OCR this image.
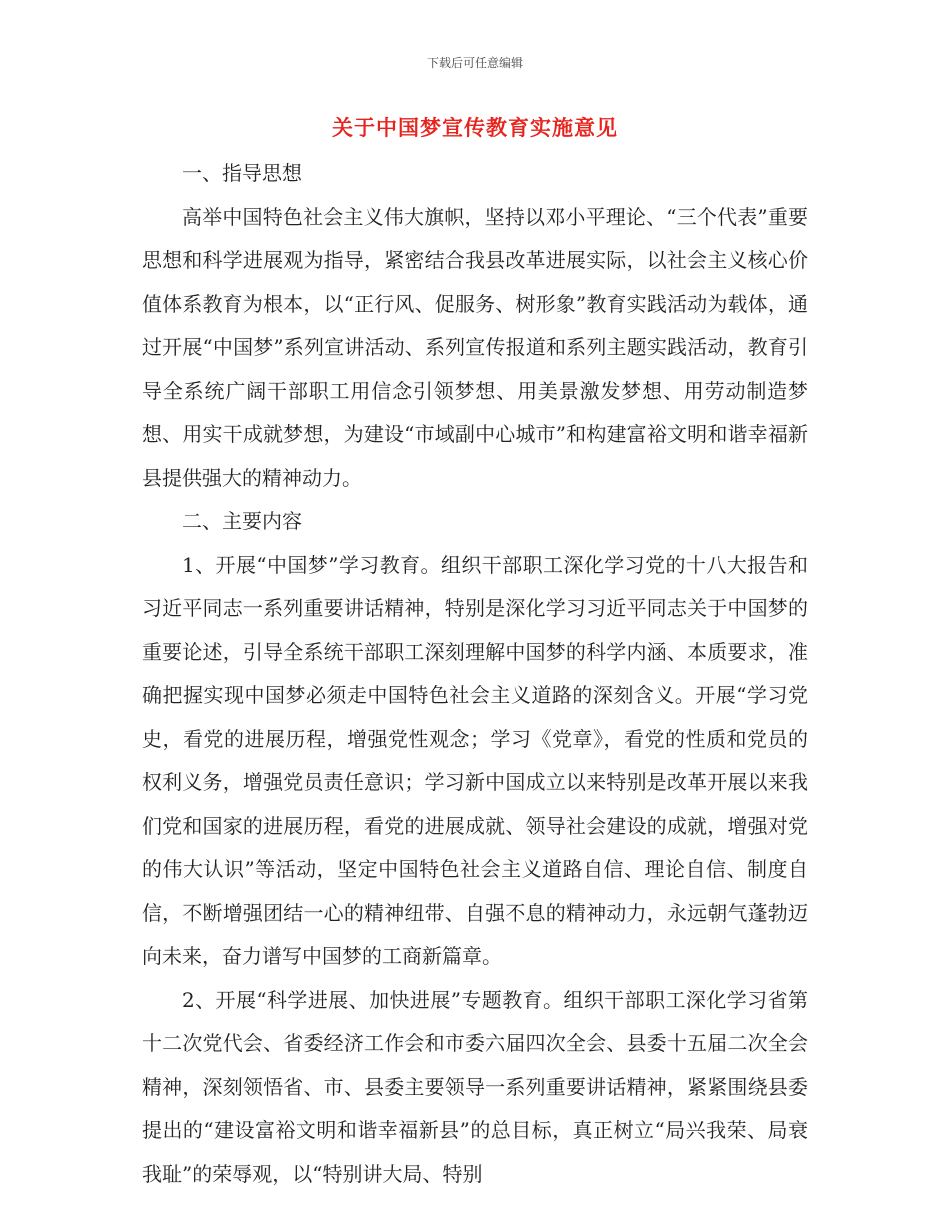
下载后可任意编辑
关于中国梦宣传教育实施意见

一、指导思想

高举中国特色社会主义伟大旗帜，坚持以邓小平理论、“三个代表”重要思想和科学进展观为指导，紧密结合我县改革进展实际，以社会主义核心价值体系教育为根本，以“正行风、促服务、树形象”教育实践活动为载体，通过开展“中国梦”系列宣讲活动、系列宣传报道和系列主题实践活动，教育引导全系统广阔干部职工用信念引领梦想、用美景激发梦想、用劳动制造梦想、用实干成就梦想，为建设“市域副中心城市”和构建富裕文明和谐幸福新县提供强大的精神动力。

二、主要内容

1、开展“中国梦”学习教育。组织干部职工深化学习党的十八大报告和习近平同志一系列重要讲话精神，特别是深化学习习近平同志关于中国梦的重要论述，引导全系统干部职工深刻理解中国梦的科学内涵、本质要求，准确把握实现中国梦必须走中国特色社会主义道路的深刻含义。开展“学习党史，看党的进展历程，增强党性观念；学习《党章》，看党的性质和党员的权利义务，增强党员责任意识；学习新中国成立以来特别是改革开展以来我们党和国家的进展历程，看党的进展成就、领导社会建设的成就，增强对党的伟大认识”等活动，坚定中国特色社会主义道路自信、理论自信、制度自信，不断增强团结一心的精神纽带、自强不息的精神动力，永远朝气蓬勃迈向未来，奋力谱写中国梦的工商新篇章。

2、开展“科学进展、加快进展”专题教育。组织干部职工深化学习省第十二次党代会、省委经济工作会和市委六届四次全会、县委十五届二次全会精神，深刻领悟省、市、县委主要领导一系列重要讲话精神，紧紧围绕县委提出的“建设富裕文明和谐幸福新县”的总目标，真正树立“局兴我荣、局衰我耻”的荣辱观，以“特别讲大局、特别
